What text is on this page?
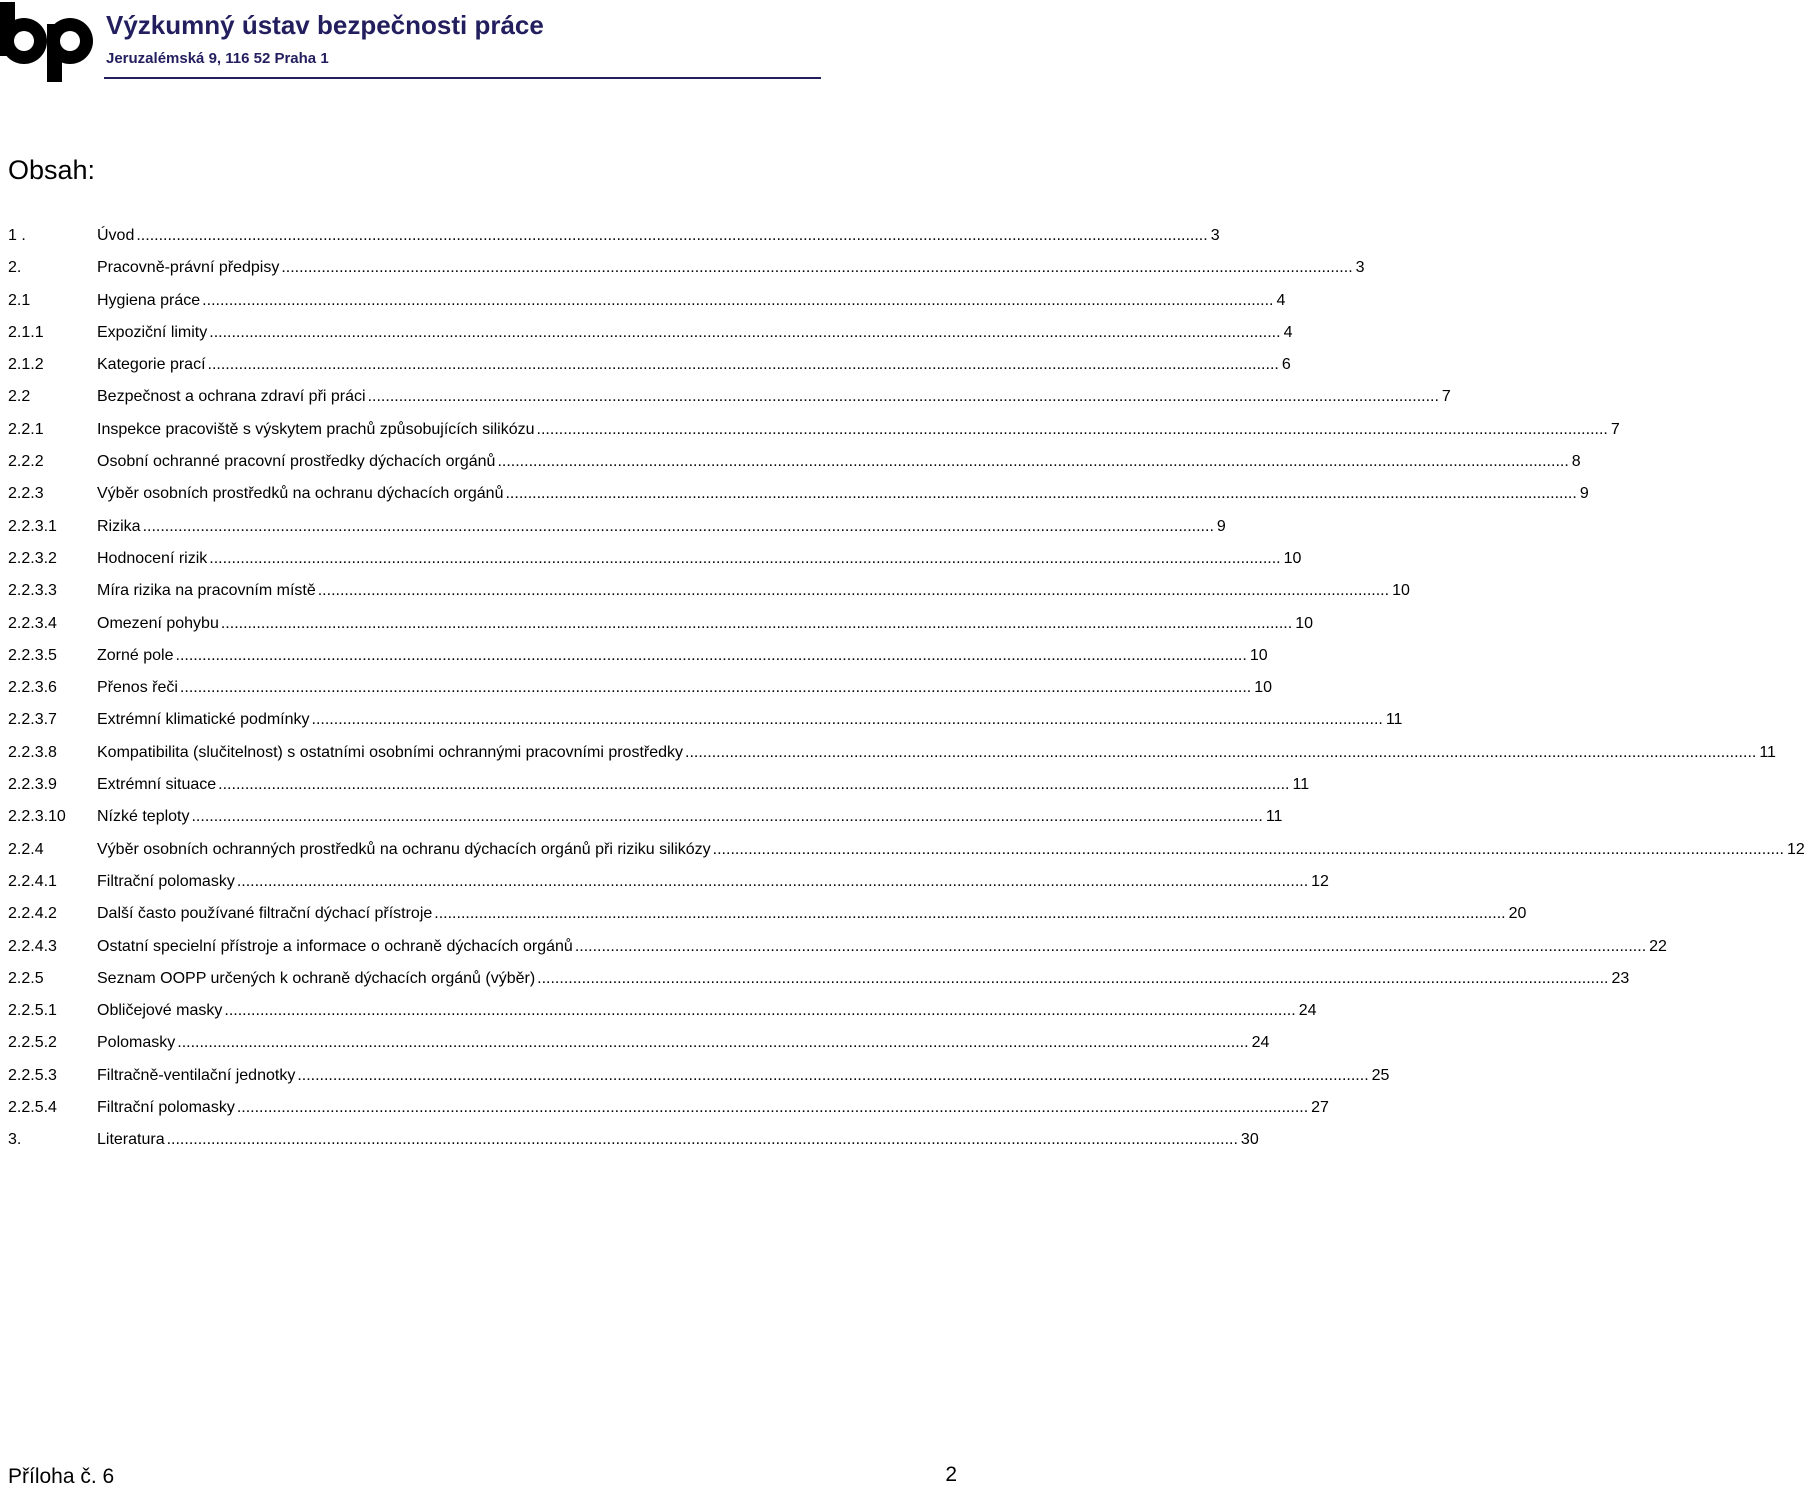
Výzkumný ústav bezpečnosti práce
Jeruzalémská 9, 116 52 Praha 1
Obsah:
1 .	Úvod .....	3
2.	Pracovně-právní předpisy .....	3
2.1	Hygiena práce .....	4
2.1.1	Expoziční limity .....	4
2.1.2	Kategorie prací .....	6
2.2	Bezpečnost a ochrana zdraví při práci .....	7
2.2.1	Inspekce pracoviště s výskytem prachů způsobujících silikózu .....	7
2.2.2	Osobní ochranné pracovní prostředky dýchacích orgánů .....	8
2.2.3	Výběr osobních prostředků na ochranu dýchacích orgánů .....	9
2.2.3.1	Rizika .....	9
2.2.3.2	Hodnocení rizik .....	10
2.2.3.3	Míra rizika na pracovním místě .....	10
2.2.3.4	Omezení pohybu .....	10
2.2.3.5	Zorné pole .....	10
2.2.3.6	Přenos řeči .....	10
2.2.3.7	Extrémní klimatické podmínky .....	11
2.2.3.8	Kompatibilita (slučitelnost) s ostatními osobními ochrannými pracovními prostředky .....	11
2.2.3.9	Extrémní situace .....	11
2.2.3.10	Nízké teploty .....	11
2.2.4	Výběr osobních ochranných prostředků na ochranu dýchacích orgánů při riziku silikózy .....	12
2.2.4.1	Filtrační polomasky .....	12
2.2.4.2	Další často používané filtrační dýchací přístroje .....	20
2.2.4.3	Ostatní specielní přístroje a informace o ochraně dýchacích orgánů .....	22
2.2.5	Seznam OOPP určených k ochraně dýchacích orgánů (výběr) .....	23
2.2.5.1	Obličejové masky .....	24
2.2.5.2	Polomasky .....	24
2.2.5.3	Filtračně-ventilační jednotky .....	25
2.2.5.4	Filtrační polomasky .....	27
3.	Literatura .....	30
Příloha č. 6	2
